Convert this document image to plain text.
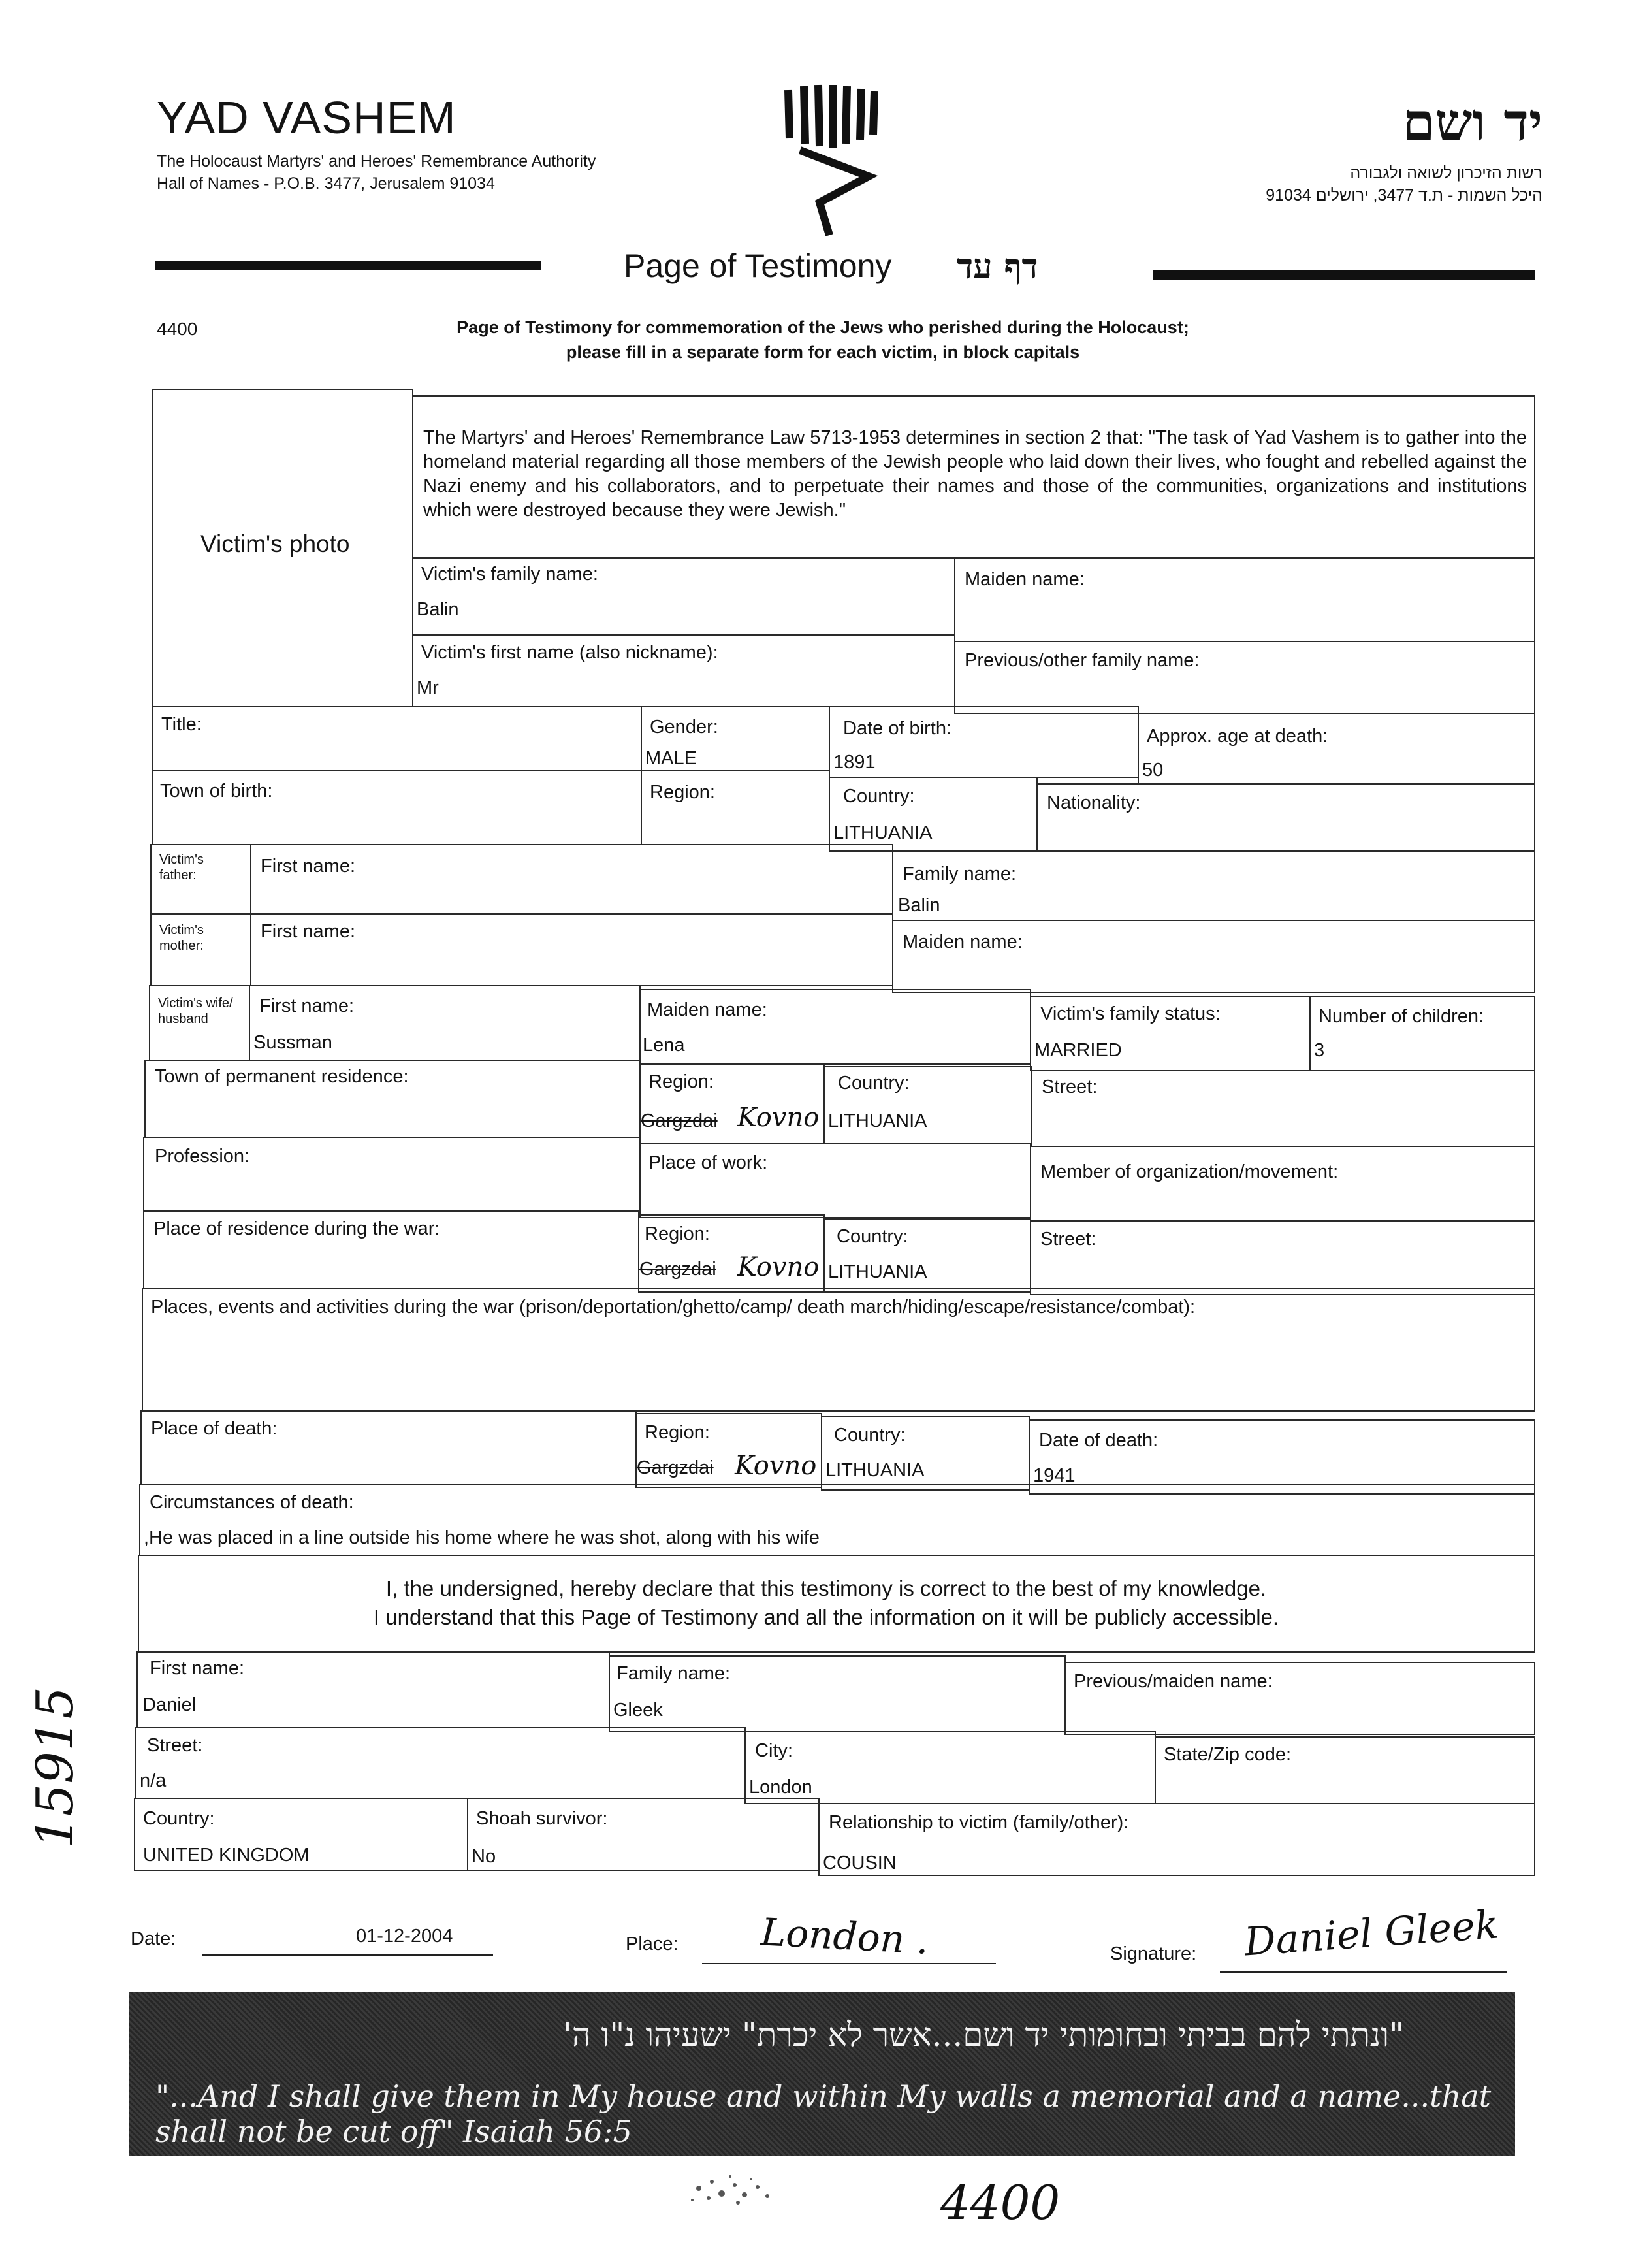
YAD VASHEM
The Holocaust Martyrs' and Heroes' Remembrance Authority
Hall of Names - P.O.B. 3477, Jerusalem 91034
יד ושם
רשות הזיכרון לשואה ולגבורה
היכל השמות - ת.ד 3477, ירושלים 91034
Page of Testimony דף עד
4400	Page of Testimony for commemoration of the Jews who perished during the Holocaust;
please fill in a separate form for each victim, in block capitals
Victim's photo
The Martyrs' and Heroes' Remembrance Law 5713-1953 determines in section 2 that: "The task of Yad Vashem is to gather into the homeland material regarding all those members of the Jewish people who laid down their lives, who fought and rebelled against the Nazi enemy and his collaborators, and to perpetuate their names and those of the communities, organizations and institutions which were destroyed because they were Jewish."
Victim's family name:
Balin
Maiden name:
Victim's first name (also nickname):
Mr
Previous/other family name:
Title:	Gender:
MALE
Date of birth:
1891
Approx. age at death:
50
Town of birth:	Region:	Country:
LITHUANIA
Nationality:
Victim's father:	First name:	Family name:
Balin
Victim's mother:
First name:	Maiden name:
Victim's wife/ husband
First name:
Sussman
Maiden name:
Lena
Victim's family status:
MARRIED
Number of children:
3
Town of permanent residence:	Region:
Gargzdai Kovno
Country:
LITHUANIA
Street:
Profession:	Place of work:	Member of organization/movement:
Place of residence during the war:	Region:
Gargzdai Kovno
Country:
LITHUANIA
Street:
Places, events and activities during the war (prison/deportation/ghetto/camp/ death march/hiding/escape/resistance/combat):
Place of death:	Region:
Gargzdai Kovno
Country:
LITHUANIA
Date of death:
1941
Circumstances of death:
,He was placed in a line outside his home where he was shot, along with his wife
I, the undersigned, hereby declare that this testimony is correct to the best of my knowledge.
I understand that this Page of Testimony and all the information on it will be publicly accessible.
First name:
Daniel
Family name:
Gleek
Previous/maiden name:
Street:
n/a
City:
London
State/Zip code:
Country:
UNITED KINGDOM
Shoah survivor:
No
Relationship to victim (family/other):
COUSIN
Date:	01-12-2004	Place: London .	Signature: Daniel Gleek
"ונתתי להם בביתי ובחומותי יד ושם...אשר לא יכרת" ישעיהו נ"ו ה'
"...And I shall give them in My house and within My walls a memorial and a name...that shall not be cut off" Isaiah 56:5
15915
4400
